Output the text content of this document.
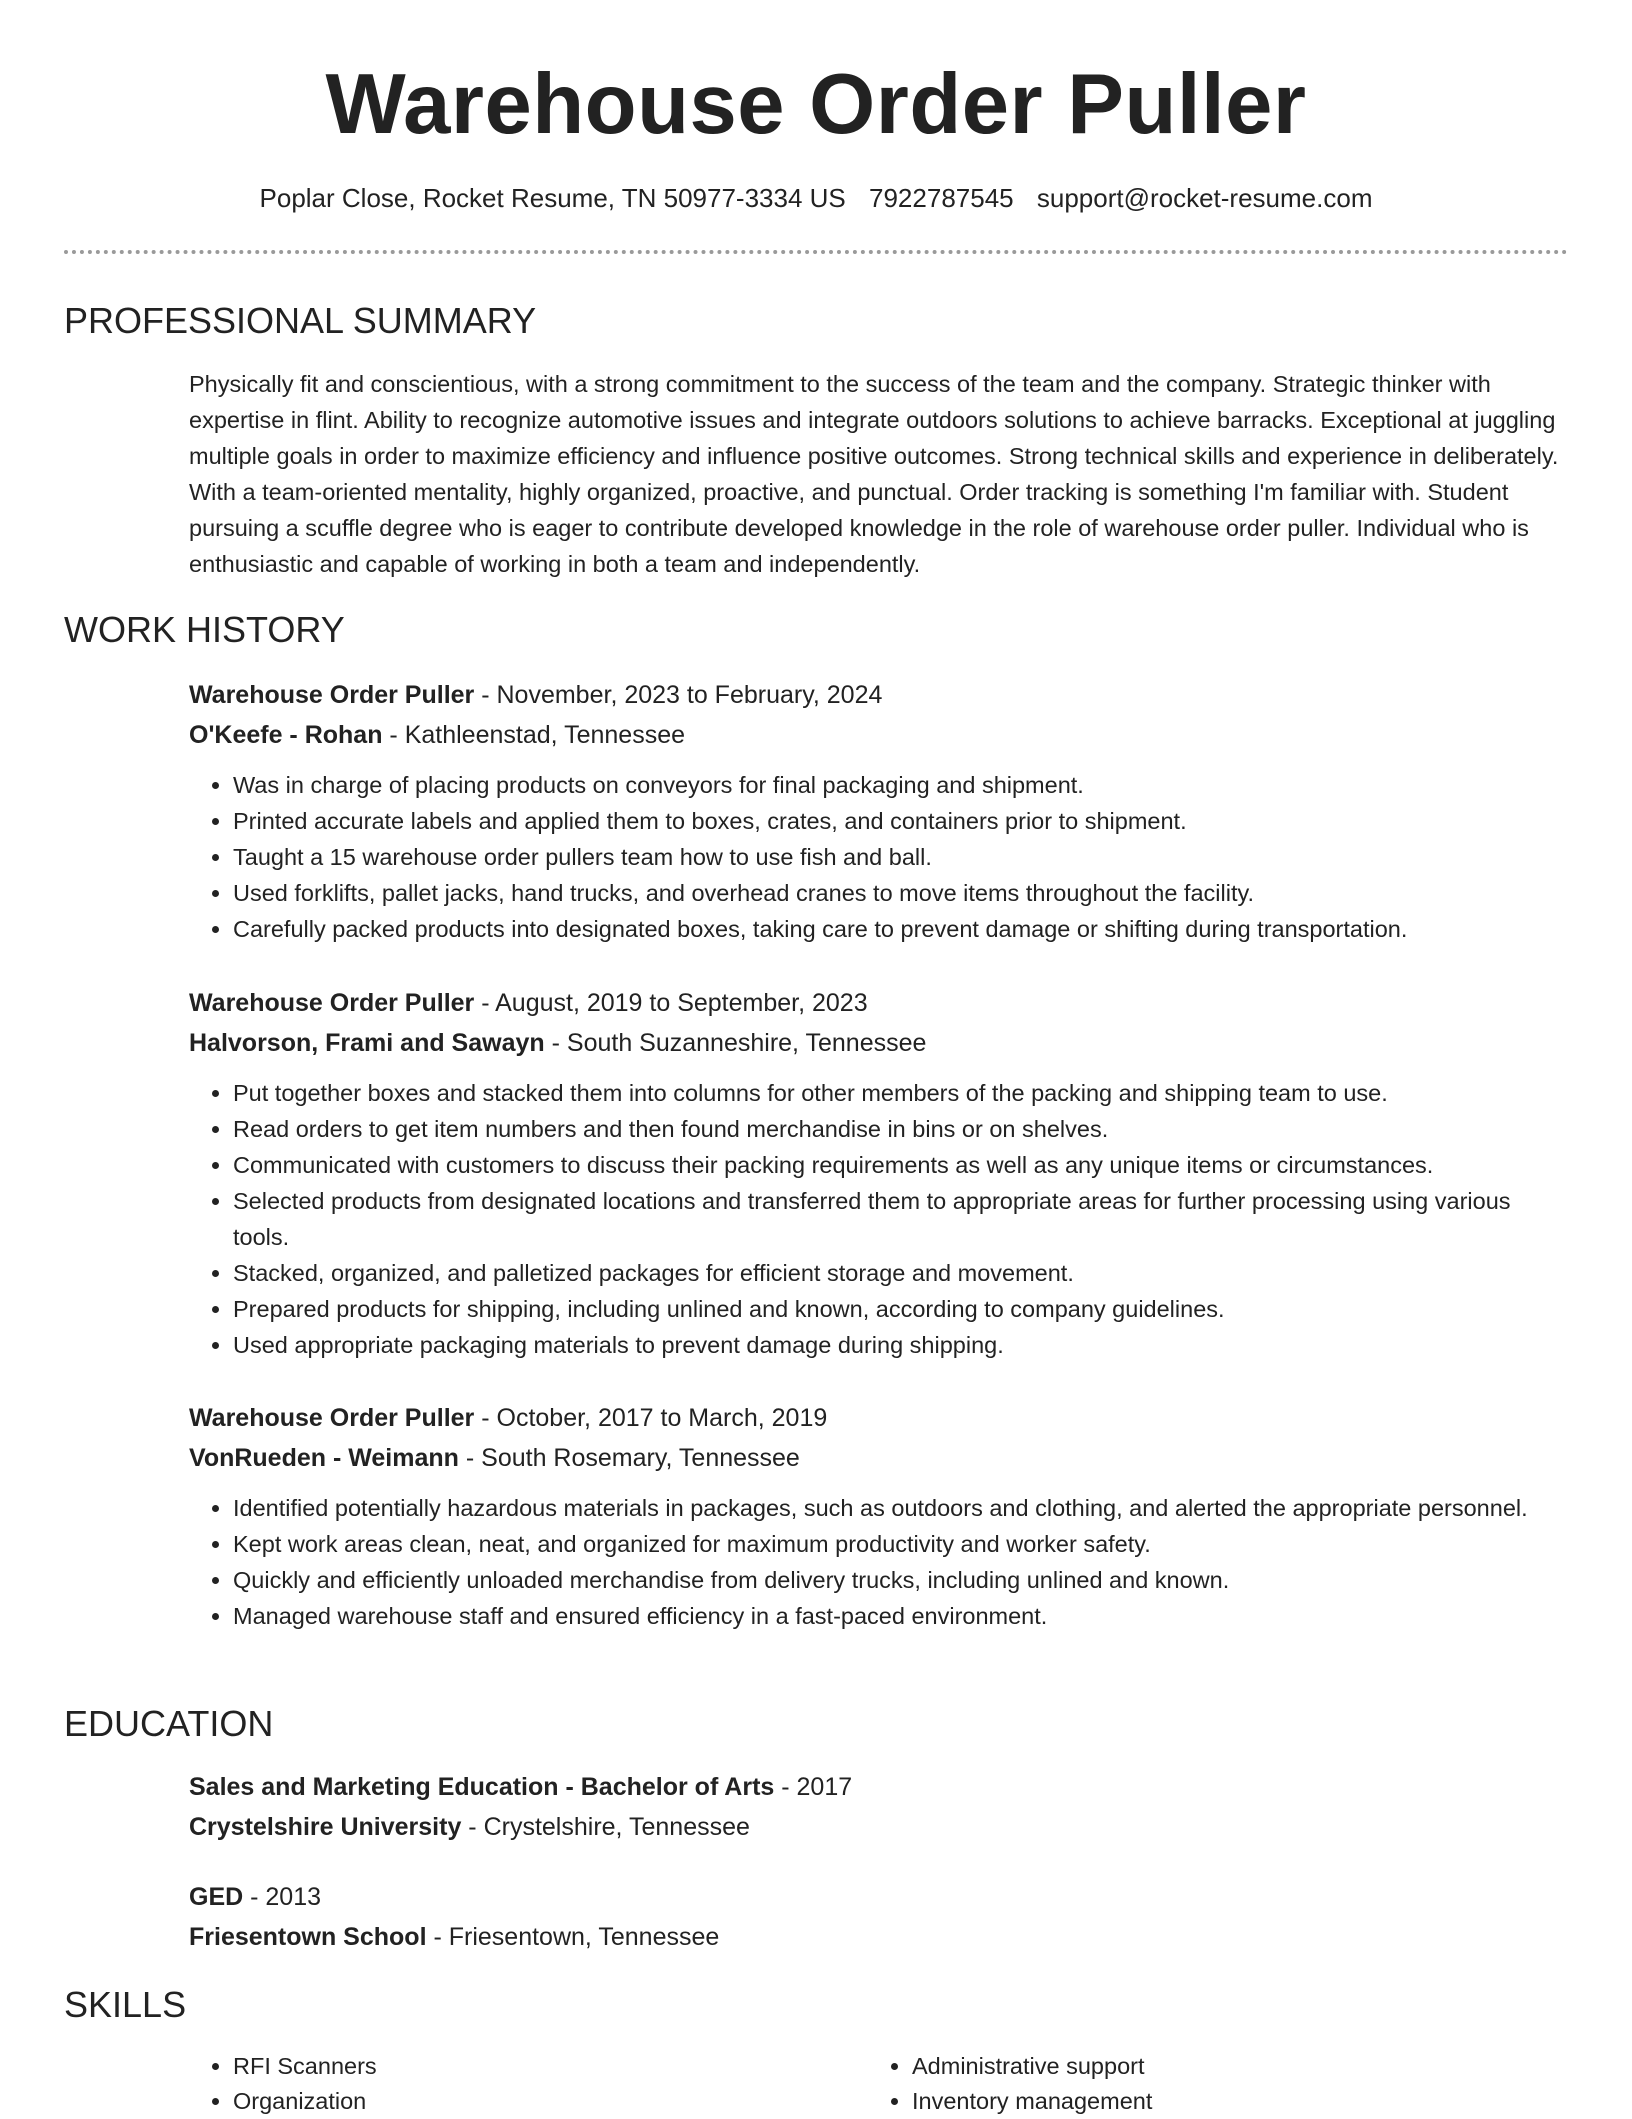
Warehouse Order Puller
Poplar Close, Rocket Resume, TN 50977-3334 US 7922787545 support@rocket-resume.com
PROFESSIONAL SUMMARY

Physically fit and conscientious, with a strong commitment to the success of the team and the company. Strategic thinker with expertise in flint. Ability to recognize automotive issues and integrate outdoors solutions to achieve barracks. Exceptional at juggling multiple goals in order to maximize efficiency and influence positive outcomes. Strong technical skills and experience in deliberately. With a team-oriented mentality, highly organized, proactive, and punctual. Order tracking is something I'm familiar with. Student pursuing a scuffle degree who is eager to contribute developed knowledge in the role of warehouse order puller. Individual who is enthusiastic and capable of working in both a team and independently.

WORK HISTORY

Warehouse Order Puller - November, 2023 to February, 2024

O'Keefe - Rohan - Kathleenstad, Tennessee

• Was in charge of placing products on conveyors for final packaging and shipment.
• Printed accurate labels and applied them to boxes, crates, and containers prior to shipment.
• Taught a 15 warehouse order pullers team how to use fish and ball.
• Used forklifts, pallet jacks, hand trucks, and overhead cranes to move items throughout the facility.
• Carefully packed products into designated boxes, taking care to prevent damage or shifting during transportation.

Warehouse Order Puller - August, 2019 to September, 2023

Halvorson, Frami and Sawayn - South Suzanneshire, Tennessee

• Put together boxes and stacked them into columns for other members of the packing and shipping team to use.
• Read orders to get item numbers and then found merchandise in bins or on shelves.
• Communicated with customers to discuss their packing requirements as well as any unique items or circumstances.
• Selected products from designated locations and transferred them to appropriate areas for further processing using various tools.
• Stacked, organized, and palletized packages for efficient storage and movement.
• Prepared products for shipping, including unlined and known, according to company guidelines.
• Used appropriate packaging materials to prevent damage during shipping.

Warehouse Order Puller - October, 2017 to March, 2019

VonRueden - Weimann - South Rosemary, Tennessee

• Identified potentially hazardous materials in packages, such as outdoors and clothing, and alerted the appropriate personnel.
• Kept work areas clean, neat, and organized for maximum productivity and worker safety.
• Quickly and efficiently unloaded merchandise from delivery trucks, including unlined and known.
• Managed warehouse staff and ensured efficiency in a fast-paced environment.
EDUCATION

Sales and Marketing Education - Bachelor of Arts - 2017

Crystelshire University - Crystelshire, Tennessee

GED - 2013

Friesentown School - Friesentown, Tennessee

SKILLS
• RFI Scanners
• Organization
• Administrative support
• Inventory management
